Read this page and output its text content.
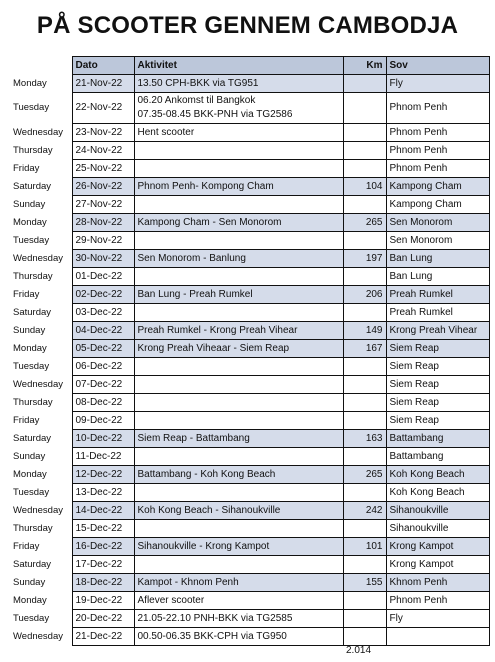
PÅ SCOOTER GENNEM CAMBODJA
	Dato	Aktivitet	Km	Sov
Monday	21-Nov-22	13.50 CPH-BKK via TG951		Fly
Tuesday	22-Nov-22	06.20 Ankomst til Bangkok
07.35-08.45 BKK-PNH via TG2586		Phnom Penh
Wednesday	23-Nov-22	Hent scooter		Phnom Penh
Thursday	24-Nov-22			Phnom Penh
Friday	25-Nov-22			Phnom Penh
Saturday	26-Nov-22	Phnom Penh- Kompong Cham	104	Kampong Cham
Sunday	27-Nov-22			Kampong Cham
Monday	28-Nov-22	Kampong Cham - Sen Monorom	265	Sen Monorom
Tuesday	29-Nov-22			Sen Monorom
Wednesday	30-Nov-22	Sen Monorom - Banlung	197	Ban Lung
Thursday	01-Dec-22			Ban Lung
Friday	02-Dec-22	Ban Lung - Preah Rumkel	206	Preah Rumkel
Saturday	03-Dec-22			Preah Rumkel
Sunday	04-Dec-22	Preah Rumkel - Krong Preah Vihear	149	Krong Preah Vihear
Monday	05-Dec-22	Krong Preah Viheaar - Siem Reap	167	Siem Reap
Tuesday	06-Dec-22			Siem Reap
Wednesday	07-Dec-22			Siem Reap
Thursday	08-Dec-22			Siem Reap
Friday	09-Dec-22			Siem Reap
Saturday	10-Dec-22	Siem Reap - Battambang	163	Battambang
Sunday	11-Dec-22			Battambang
Monday	12-Dec-22	Battambang - Koh Kong Beach	265	Koh Kong Beach
Tuesday	13-Dec-22			Koh Kong Beach
Wednesday	14-Dec-22	Koh Kong Beach - Sihanoukville	242	Sihanoukville
Thursday	15-Dec-22			Sihanoukville
Friday	16-Dec-22	Sihanoukville - Krong Kampot	101	Krong Kampot
Saturday	17-Dec-22			Krong Kampot
Sunday	18-Dec-22	Kampot - Khnom Penh	155	Khnom Penh
Monday	19-Dec-22	Aflever scooter		Phnom Penh
Tuesday	20-Dec-22	21.05-22.10 PNH-BKK via TG2585		Fly
Wednesday	21-Dec-22	00.50-06.35 BKK-CPH via TG950		

2.014
